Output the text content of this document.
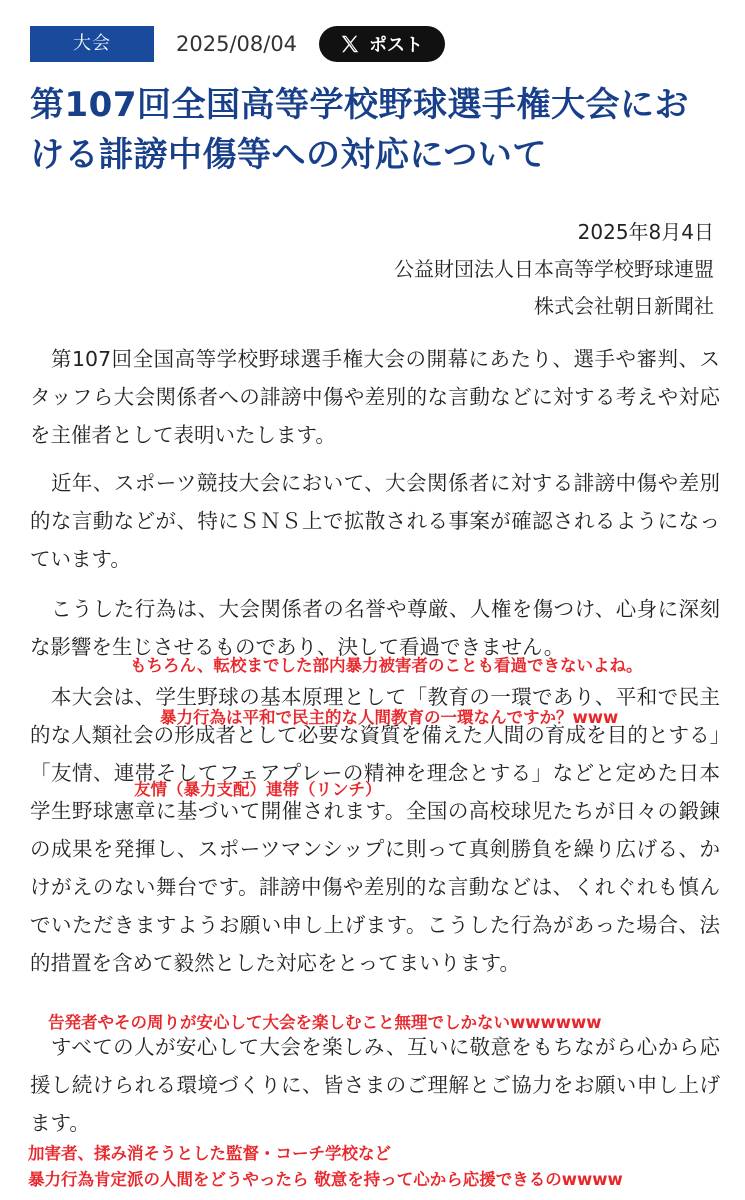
大会	2025/08/04	ポスト
第107回全国高等学校野球選手権大会における誹謗中傷等への対応について
2025年8月4日
公益財団法人日本高等学校野球連盟
株式会社朝日新聞社

　第107回全国高等学校野球選手権大会の開幕にあたり、選手や審判、スタッフら大会関係者への誹謗中傷や差別的な言動などに対する考えや対応を主催者として表明いたします。

　近年、スポーツ競技大会において、大会関係者に対する誹謗中傷や差別的な言動などが、特にＳＮＳ上で拡散される事案が確認されるようになっています。

　こうした行為は、大会関係者の名誉や尊厳、人権を傷つけ、心身に深刻な影響を生じさせるものであり、決して看過できません。

　本大会は、学生野球の基本原理として「教育の一環であり、平和で民主的な人類社会の形成者として必要な資質を備えた人間の育成を目的とする」「友情、連帯そしてフェアプレーの精神を理念とする」などと定めた日本学生野球憲章に基づいて開催されます。全国の高校球児たちが日々の鍛錬の成果を発揮し、スポーツマンシップに則って真剣勝負を繰り広げる、かけがえのない舞台です。誹謗中傷や差別的な言動などは、くれぐれも慎んでいただきますようお願い申し上げます。こうした行為があった場合、法的措置を含めて毅然とした対応をとってまいります。

　すべての人が安心して大会を楽しみ、互いに敬意をもちながら心から応援し続けられる環境づくりに、皆さまのご理解とご協力をお願い申し上げます。

もちろん、転校までした部内暴力被害者のことも看過できないよね。
暴力行為は平和で民主的な人間教育の一環なんですか？www
友情（暴力支配）連帯（リンチ）
告発者やその周りが安心して大会を楽しむこと無理でしかないwwwwww
加害者、揉み消そうとした監督・コーチ学校など
暴力行為肯定派の人間をどうやったら 敬意を持って心から応援できるのwwww
